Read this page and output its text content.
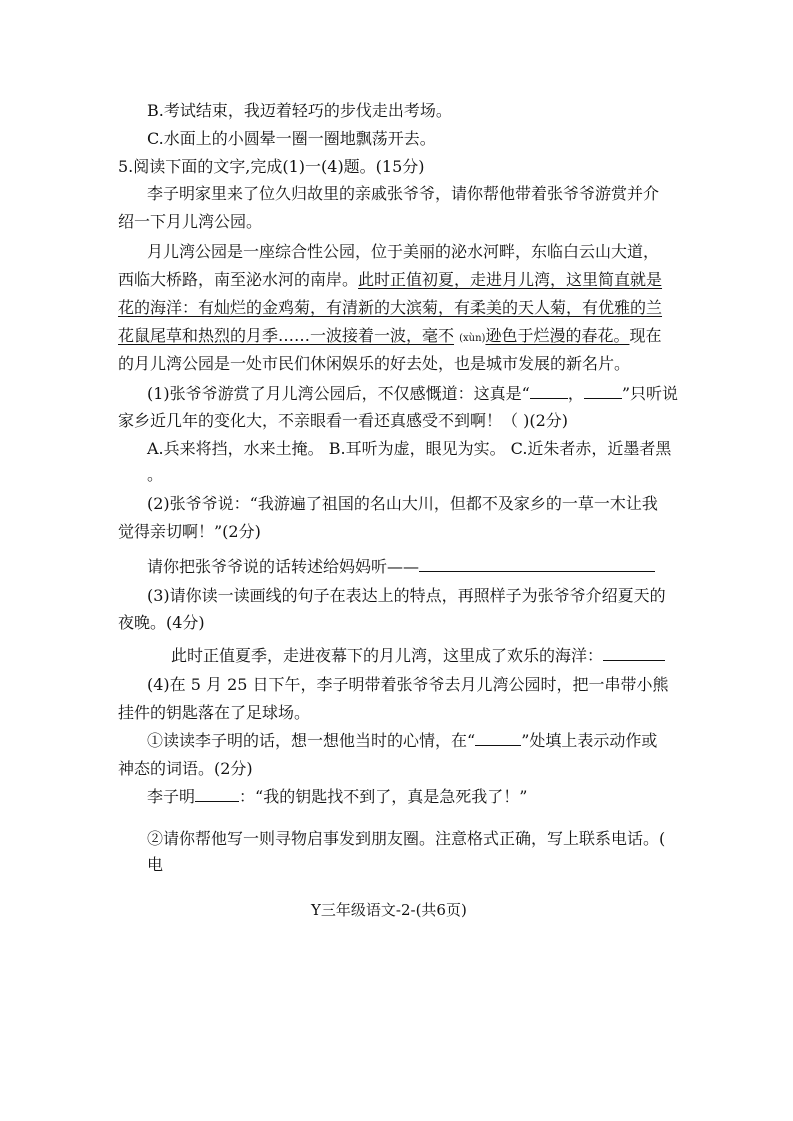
B.考试结束，我迈着轻巧的步伐走出考场。
C.水面上的小圆晕一圈一圈地飘荡开去。
5.阅读下面的文字,完成(1)一(4)题。(15分)
李子明家里来了位久归故里的亲戚张爷爷，请你帮他带着张爷爷游赏并介
绍一下月儿湾公园。
月儿湾公园是一座综合性公园，位于美丽的泌水河畔，东临白云山大道，
西临大桥路，南至泌水河的南岸。此时正值初夏，走进月儿湾，这里简直就是
花的海洋：有灿烂的金鸡菊，有清新的大滨菊，有柔美的天人菊，有优雅的兰
花鼠尾草和热烈的月季……一波接着一波，毫不 (xùn)逊色于烂漫的春花。现在
的月儿湾公园是一处市民们休闲娱乐的好去处，也是城市发展的新名片。
(1)张爷爷游赏了月儿湾公园后，不仅感慨道：这真是“ ， ”只听说
家乡近几年的变化大，不亲眼看一看还真感受不到啊！（ )(2分)
A.兵来将挡，水来土掩。 B.耳听为虚，眼见为实。 C.近朱者赤，近墨者黑
。
(2)张爷爷说：“我游遍了祖国的名山大川，但都不及家乡的一草一木让我
觉得亲切啊！”(2分)
请你把张爷爷说的话转述给妈妈听——
(3)请你读一读画线的句子在表达上的特点，再照样子为张爷爷介绍夏天的
夜晚。(4分)
此时正值夏季，走进夜幕下的月儿湾，这里成了欢乐的海洋：
(4)在 5 月 25 日下午，李子明带着张爷爷去月儿湾公园时，把一串带小熊
挂件的钥匙落在了足球场。
①读读李子明的话，想一想他当时的心情，在“	”处填上表示动作或
神态的词语。(2分)
李子明	：“我的钥匙找不到了，真是急死我了！”
②请你帮他写一则寻物启事发到朋友圈。注意格式正确，写上联系电话。(
电
Y三年级语文-2-(共6页)
